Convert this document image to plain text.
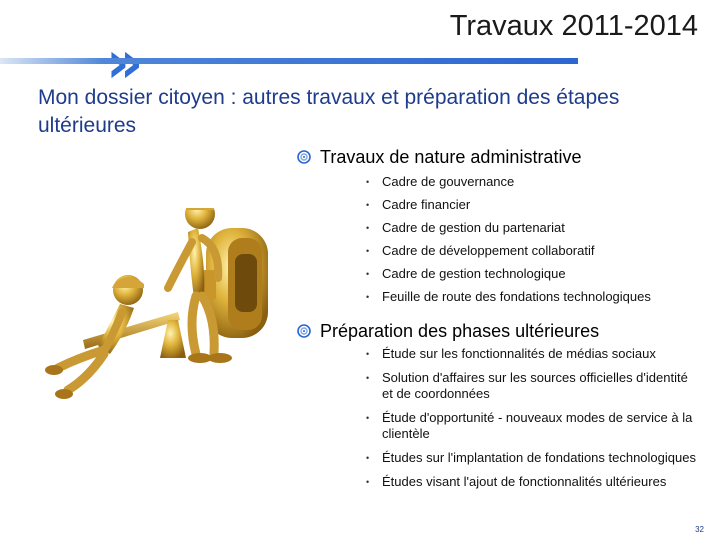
Travaux 2011-2014
Mon dossier citoyen : autres travaux et préparation des étapes ultérieures
Travaux de nature administrative
• Cadre de gouvernance
• Cadre financier
• Cadre de gestion du partenariat
• Cadre de développement collaboratif
• Cadre de gestion technologique
• Feuille de route des fondations technologiques
Préparation des phases ultérieures
• Étude sur les fonctionnalités de médias sociaux
• Solution d'affaires sur les sources officielles d'identité et de coordonnées
• Étude d'opportunité - nouveaux modes de service à la clientèle
• Études sur l'implantation de fondations technologiques
• Études visant l'ajout de fonctionnalités ultérieures
32
